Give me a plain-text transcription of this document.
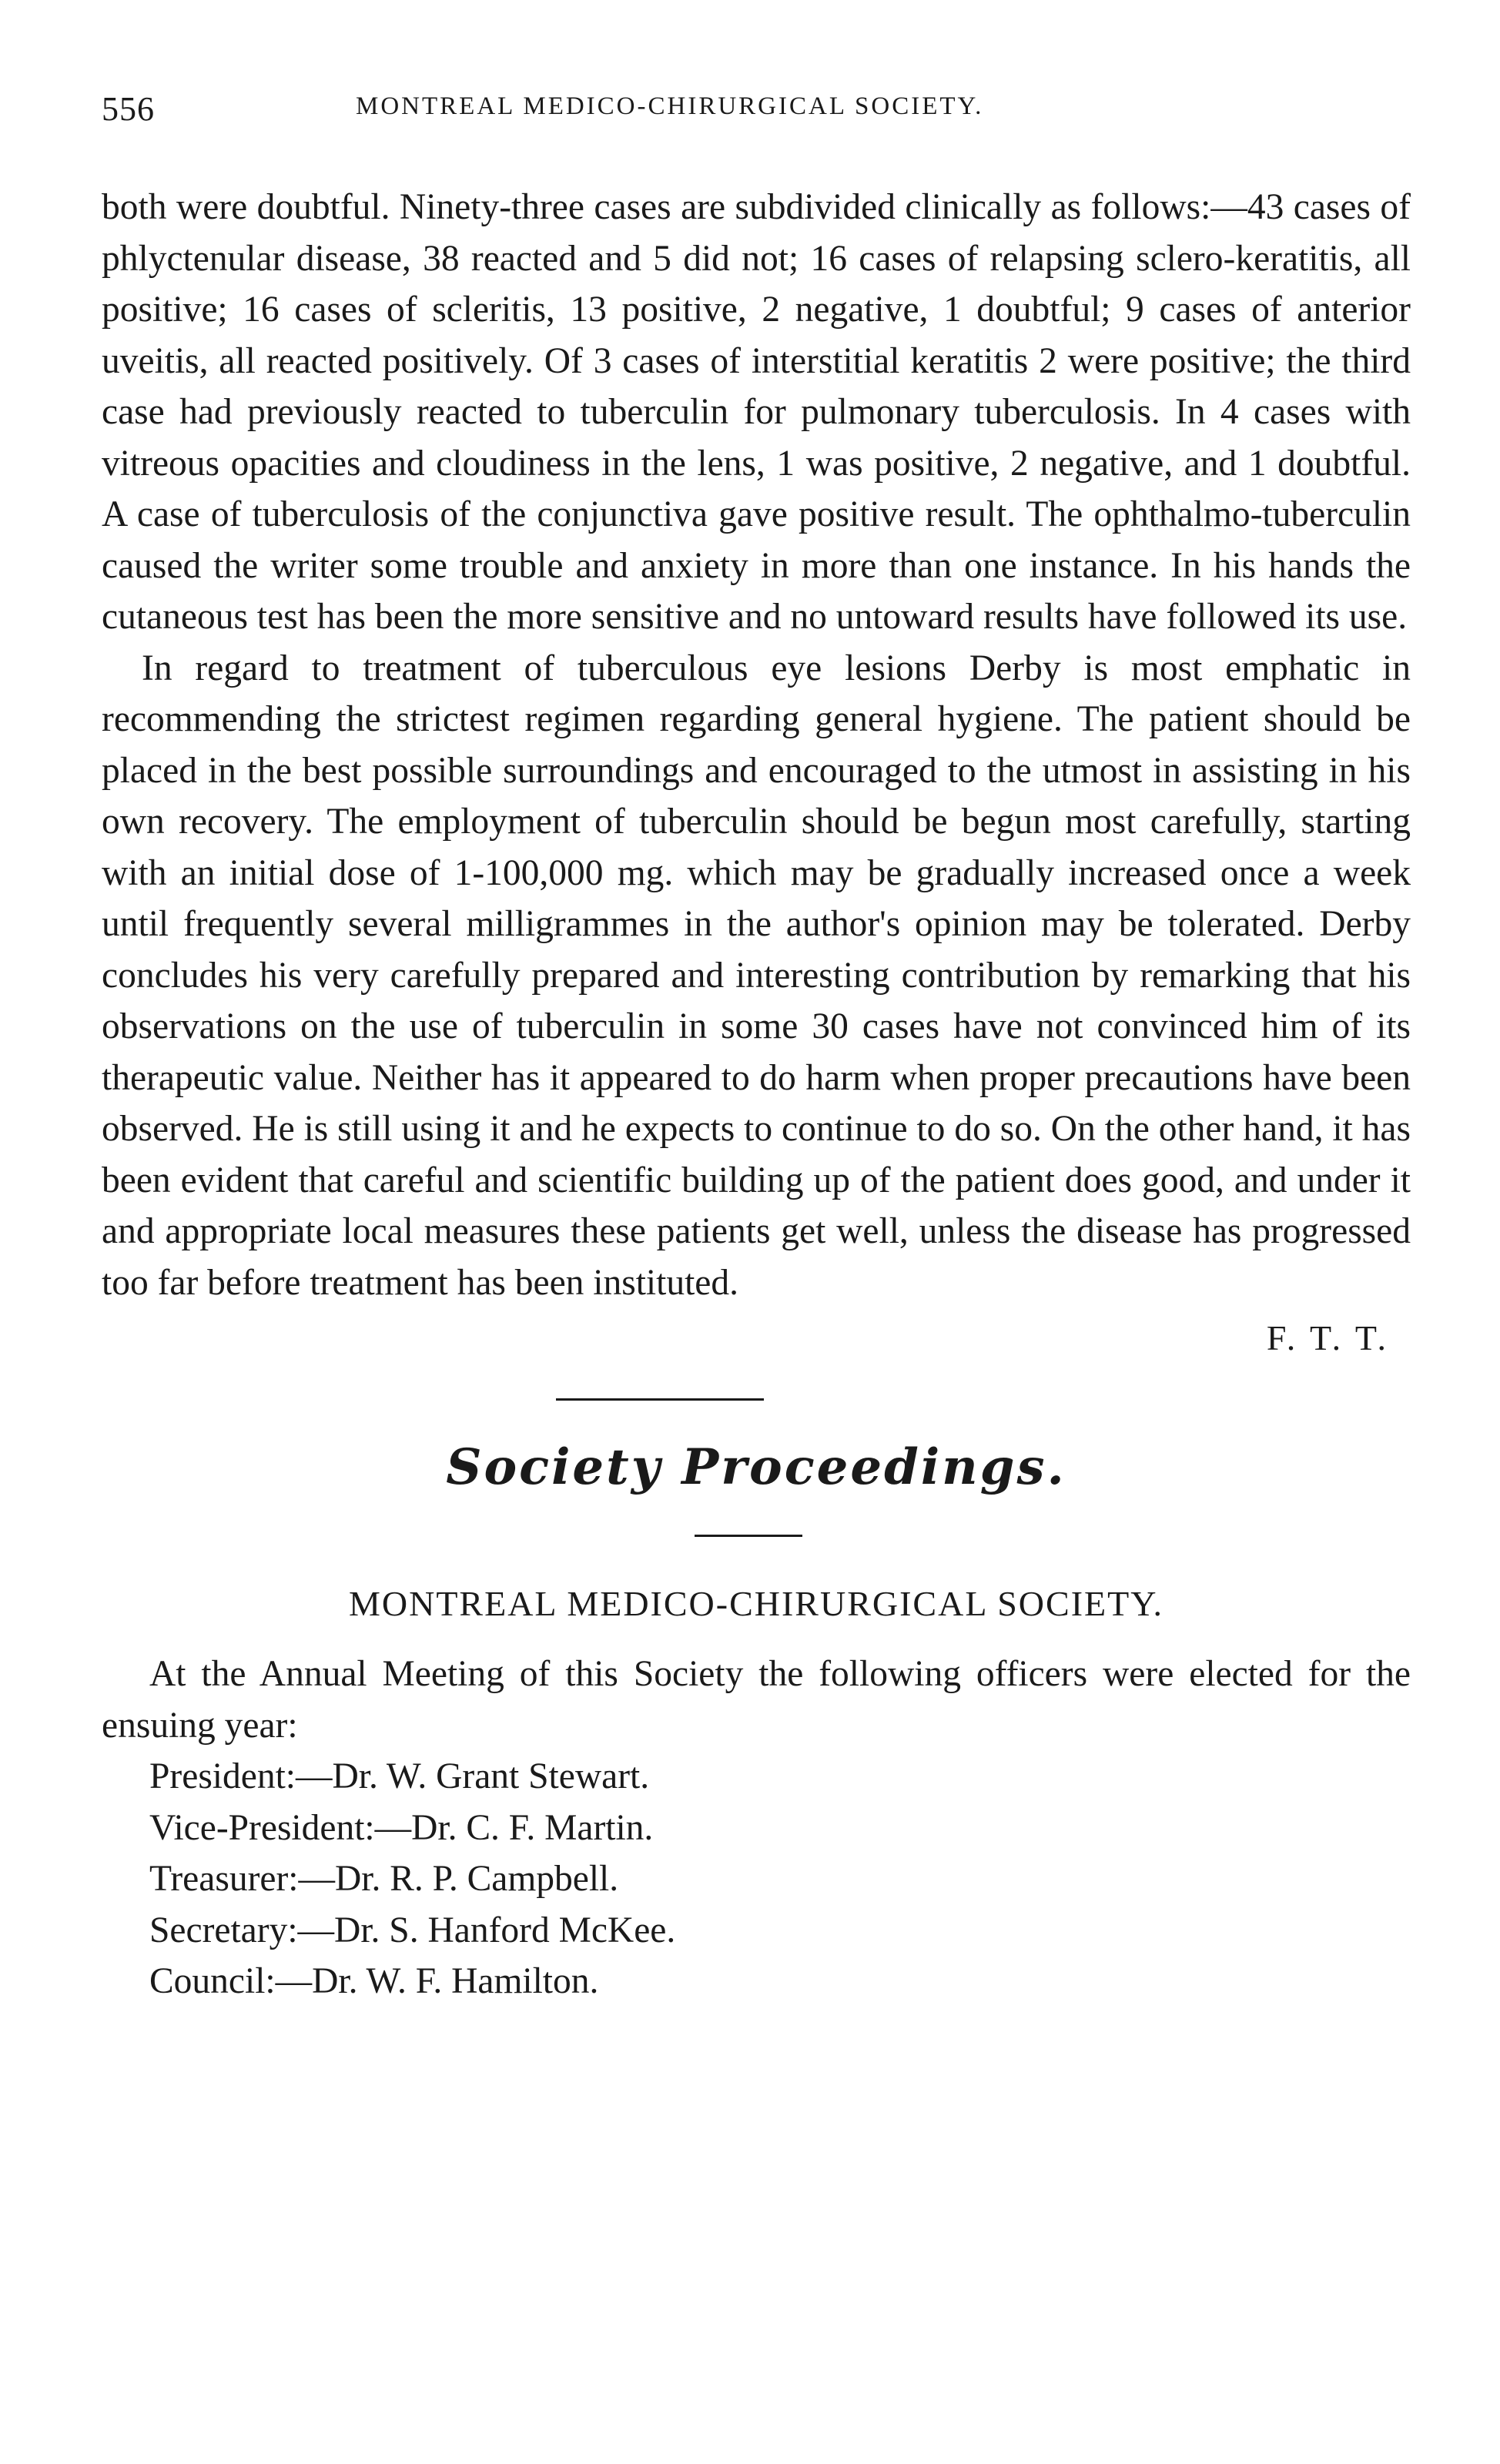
556	MONTREAL MEDICO-CHIRURGICAL SOCIETY.

both were doubtful. Ninety-three cases are subdivided clinically as follows:—43 cases of phlyctenular disease, 38 reacted and 5 did not; 16 cases of relapsing sclero-keratitis, all positive; 16 cases of scleritis, 13 positive, 2 negative, 1 doubtful; 9 cases of anterior uveitis, all reacted positively. Of 3 cases of interstitial keratitis 2 were positive; the third case had previously reacted to tuberculin for pulmonary tuberculosis. In 4 cases with vitreous opacities and cloudiness in the lens, 1 was positive, 2 negative, and 1 doubtful. A case of tuberculosis of the conjunctiva gave positive result. The ophthalmo-tuberculin caused the writer some trouble and anxiety in more than one instance. In his hands the cutaneous test has been the more sensitive and no untoward results have followed its use.

In regard to treatment of tuberculous eye lesions Derby is most emphatic in recommending the strictest regimen regarding general hygiene. The patient should be placed in the best possible surroundings and encouraged to the utmost in assisting in his own recovery. The employment of tuberculin should be begun most carefully, starting with an initial dose of 1-100,000 mg. which may be gradually increased once a week until frequently several milligrammes in the author's opinion may be tolerated. Derby concludes his very carefully prepared and interesting contribution by remarking that his observations on the use of tuberculin in some 30 cases have not convinced him of its therapeutic value. Neither has it appeared to do harm when proper precautions have been observed. He is still using it and he expects to continue to do so. On the other hand, it has been evident that careful and scientific building up of the patient does good, and under it and appropriate local measures these patients get well, unless the disease has progressed too far before treatment has been instituted.

F. T. T.
Society Proceedings.
MONTREAL MEDICO-CHIRURGICAL SOCIETY.
At the Annual Meeting of this Society the following officers were elected for the ensuing year:
President:—Dr. W. Grant Stewart.
Vice-President:—Dr. C. F. Martin.
Treasurer:—Dr. R. P. Campbell.
Secretary:—Dr. S. Hanford McKee.
Council:—Dr. W. F. Hamilton.
